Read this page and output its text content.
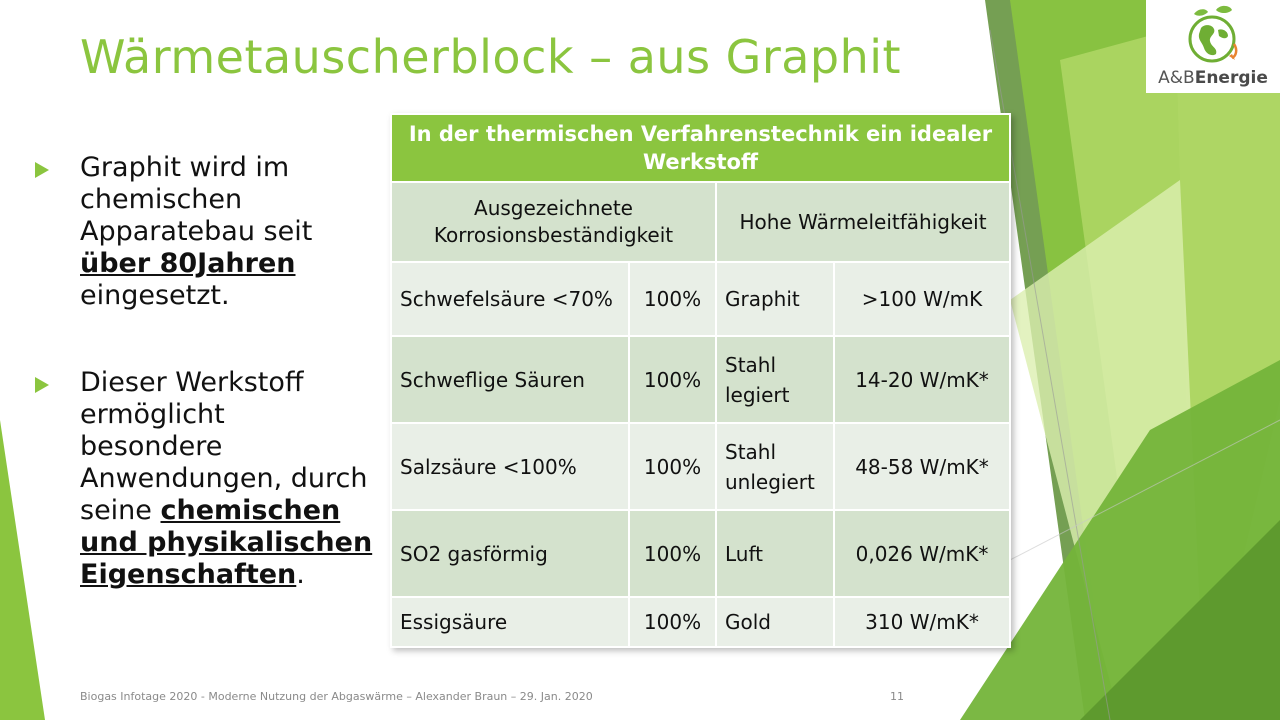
A&BEnergie
Wärmetauscherblock – aus Graphit
Graphit wird im chemischen Apparatebau seit über 80Jahren eingesetzt.
Dieser Werkstoff ermöglicht besondere Anwendungen, durch seine chemischen und physikalischen Eigenschaften.
In der thermischen Verfahrenstechnik ein idealer Werkstoff			
Ausgezeichnete Korrosionsbeständigkeit		Hohe Wärmeleitfähigkeit	
Schwefelsäure <70%	100%	Graphit	>100 W/mK
Schweflige Säuren	100%	Stahl legiert	14-20 W/mK*
Salzsäure <100%	100%	Stahl unlegiert	48-58 W/mK*
SO2 gasförmig	100%	Luft	0,026 W/mK*
Essigsäure	100%	Gold	310 W/mK*
Biogas Infotage 2020 - Moderne Nutzung der Abgaswärme – Alexander Braun – 29. Jan. 2020	11
